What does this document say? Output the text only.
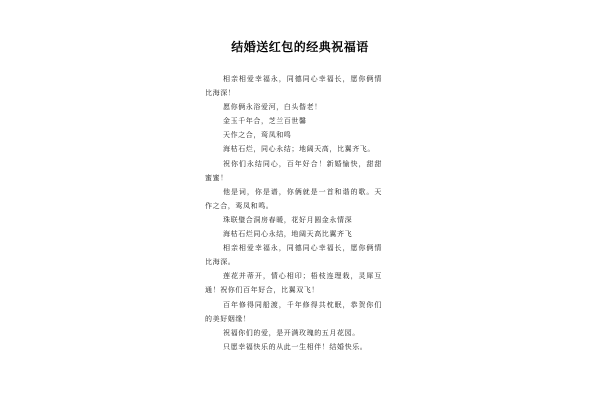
结婚送红包的经典祝福语

相亲相爱幸福永，同德同心幸福长，愿你俩情比海深！

愿你俩永浴爱河，白头偕老！

金玉千年合，芝兰百世馨

天作之合，鸾凤和鸣

海枯石烂，同心永结；地阔天高，比翼齐飞。

祝你们永结同心，百年好合！新婚愉快，甜甜蜜蜜！

他是词，你是谱，你俩就是一首和谐的歌。天作之合，鸾凤和鸣。

珠联璧合洞房春暖，花好月圆金永情深

海枯石烂同心永结，地阔天高比翼齐飞

相亲相爱幸福永，同德同心幸福长，愿你俩情比海深。

莲花并蒂开，情心相印；梧枝连理栽，灵犀互通！祝你们百年好合，比翼双飞！

百年修得同船渡，千年修得共枕眠，恭贺你们的美好姻缘！

祝福你们的爱，是开满玫瑰的五月花园。

只愿幸福快乐的从此一生相伴！结婚快乐。
